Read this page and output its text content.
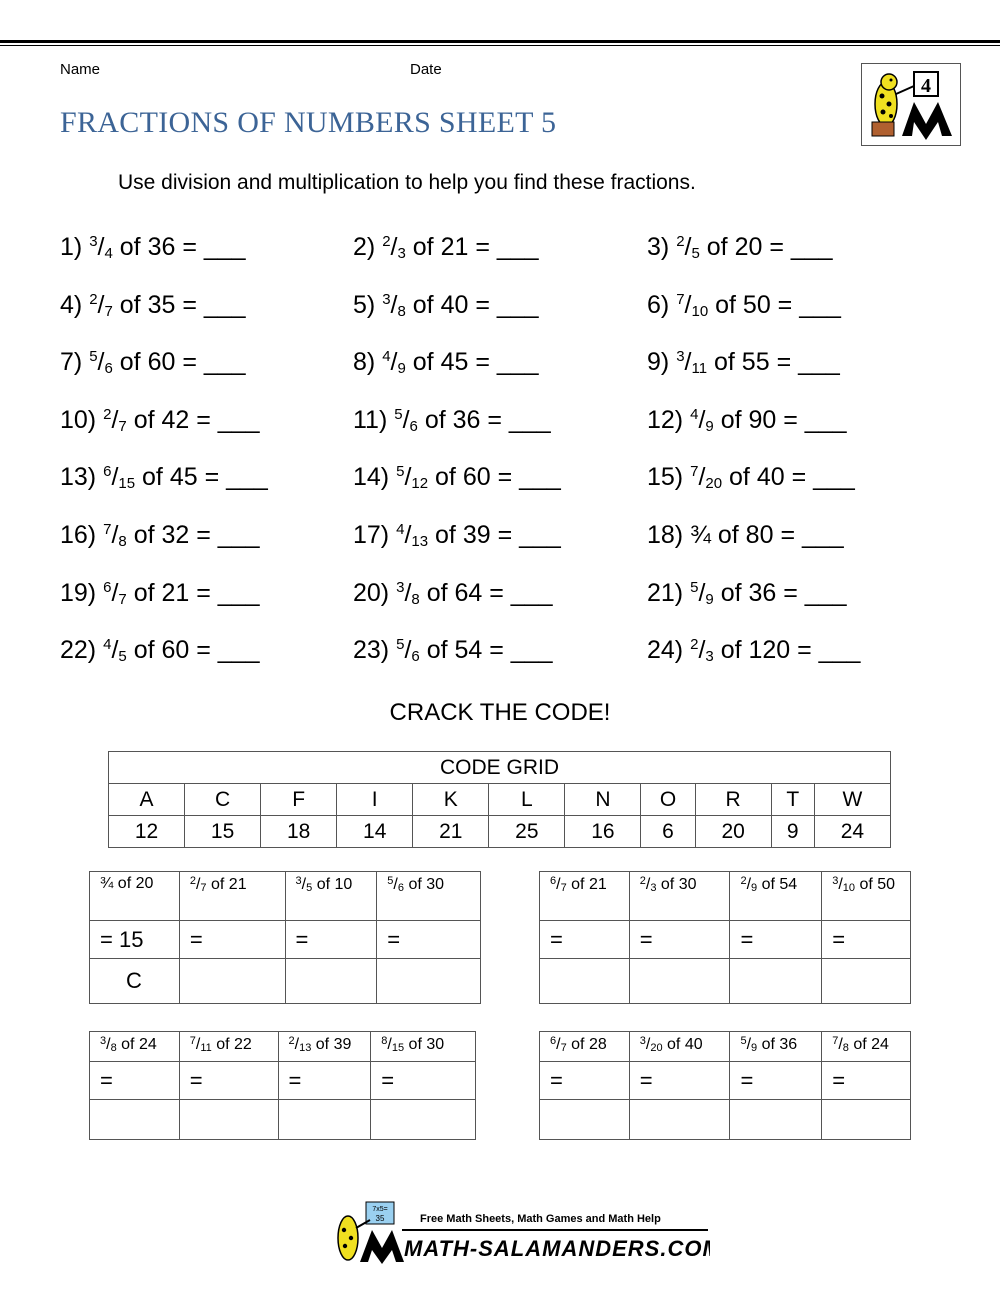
Name	Date
FRACTIONS OF NUMBERS SHEET 5
4
Use division and multiplication to help you find these fractions.
1) $^3/_4$ of 36 = ___	2) $^2/_3$ of 21 = ___	3) $^2/_5$ of 20 = ___
4) $^2/_7$ of 35 = ___	5) $^3/_8$ of 40 = ___	6) $^7/_{10}$ of 50 = ___
7) $^5/_6$ of 60 = ___	8) $^4/_9$ of 45 = ___	9) $^3/_{11}$ of 55 = ___
10) $^2/_7$ of 42 = ___	11) $^5/_6$ of 36 = ___	12) $^4/_9$ of 90 = ___
13) $^6/_{15}$ of 45 = ___	14) $^5/_{12}$ of 60 = ___	15) $^7/_{20}$ of 40 = ___
16) $^7/_8$ of 32 = ___	17) $^4/_{13}$ of 39 = ___	18) ¾ of 80 = ___
19) $^6/_7$ of 21 = ___	20) $^3/_8$ of 64 = ___	21) $^5/_9$ of 36 = ___
22) $^4/_5$ of 60 = ___	23) $^5/_6$ of 54 = ___	24) $^2/_3$ of 120 = ___
CRACK THE CODE!
CODE GRID										
A	C	F	I	K	L	N	O	R	T	W
12	15	18	14	21	25	16	6	20	9	24
¾ of 20	$^2/_7$ of 21	$^3/_5$ of 10	$^5/_6$ of 30
= 15	=	=	=
C			
$^6/_7$ of 21	$^2/_3$ of 30	$^2/_9$ of 54	$^3/_{10}$ of 50
=	=	=	=

$^3/_8$ of 24	$^7/_{11}$ of 22	$^2/_{13}$ of 39	$^8/_{15}$ of 30
=	=	=	=

$^6/_7$ of 28	$^3/_{20}$ of 40	$^5/_9$ of 36	$^7/_8$ of 24
=	=	=	=

7x5=
35	Free Math Sheets, Math Games and Math Help
MATH-SALAMANDERS.COM
